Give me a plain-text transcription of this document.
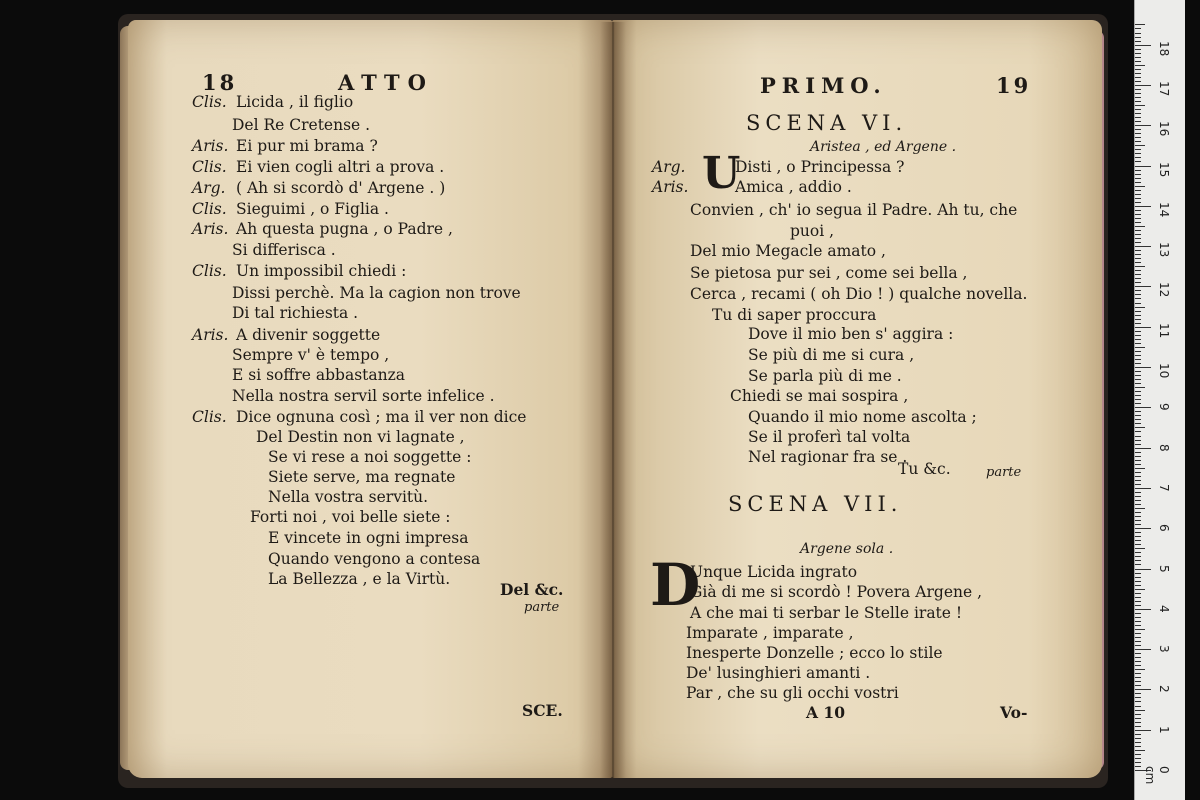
18	ATTO
Clis. Licida , il figlio
Del Re Cretense .
Aris. Ei pur mi brama ?
Clis. Ei vien cogli altri a prova .
Arg. ( Ah si scordò d' Argene . )
Clis. Sieguimi , o Figlia .
Aris. Ah questa pugna , o Padre ,
Si differisca .
Clis. Un impossibil chiedi :
Dissi perchè. Ma la cagion non trove
Di tal richiesta .
Aris. A divenir soggette
Sempre v' è tempo ,
E si soffre abbastanza
Nella nostra servil sorte infelice .
Clis. Dice ognuna così ; ma il ver non dice
Del Destin non vi lagnate ,
Se vi rese a noi soggette :
Siete serve, ma regnate
Nella vostra servitù.
Forti noi , voi belle siete :
E vincete in ogni impresa
Quando vengono a contesa
La Bellezza , e la Virtù.
Del &c.
parte
SCE.
PRIMO.	19
SCENA VI.
Aristea , ed Argene .
U
Arg.	Disti , o Principessa ?
Aris.	Amica , addio .
Convien , ch' io segua il Padre. Ah tu, che
puoi ,
Del mio Megacle amato ,
Se pietosa pur sei , come sei bella ,
Cerca , recami ( oh Dio ! ) qualche novella.
Tu di saper proccura
Dove il mio ben s' aggira :
Se più di me si cura ,
Se parla più di me .
Chiedi se mai sospira ,
Quando il mio nome ascolta ;
Se il proferì tal volta
Nel ragionar fra se .
Tu &c.	parte
SCENA VII.
Argene sola .
D
Unque Licida ingrato
Già di me si scordò ! Povera Argene ,
A che mai ti serbar le Stelle irate !
Imparate , imparate ,
Inesperte Donzelle ; ecco lo stile
De' lusinghieri amanti .
Par , che su gli occhi vostri
A 10	Vo-
0 cm
1
2
3
4
5
6
7
8
9
10
11
12
13
14
15
16
17
18
